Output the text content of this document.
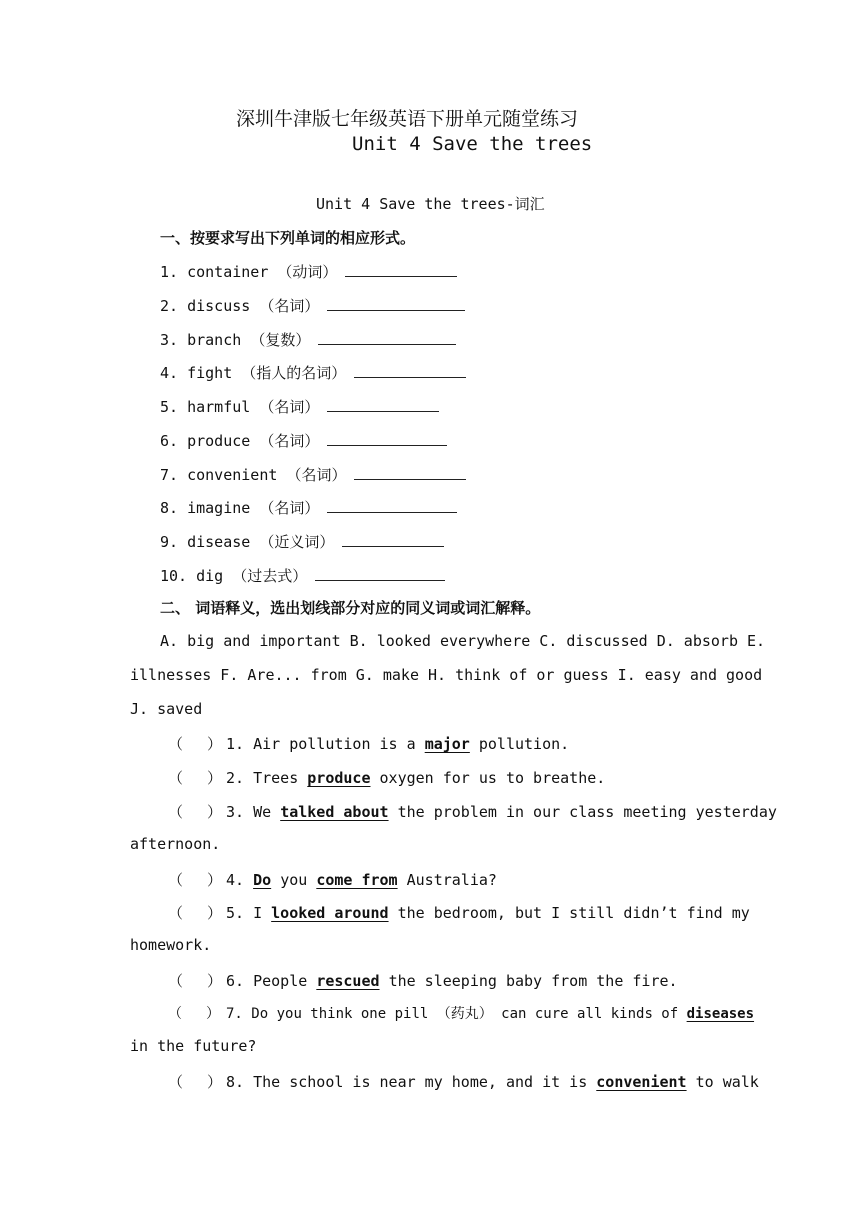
深圳牛津版七年级英语下册单元随堂练习
Unit 4 Save the trees
Unit 4 Save the trees-词汇
一、按要求写出下列单词的相应形式。
1. container （动词）
2. discuss （名词）
3. branch （复数）
4. fight （指人的名词）
5. harmful （名词）
6. produce （名词）
7. convenient （名词）
8. imagine （名词）
9. disease （近义词）
10. dig （过去式）
二、 词语释义，选出划线部分对应的同义词或词汇解释。
A. big and important B. looked everywhere C. discussed D. absorb E.
illnesses F. Are... from G. make H. think of or guess I. easy and good
J. saved
（ ） 1. Air pollution is a major pollution.
（ ） 2. Trees produce oxygen for us to breathe.
（ ） 3. We talked about the problem in our class meeting yesterday
afternoon.
（ ） 4. Do you come from Australia?
（ ） 5. I looked around the bedroom, but I still didn’t find my
homework.
（ ） 6. People rescued the sleeping baby from the fire.
（ ） 7. Do you think one pill （药丸） can cure all kinds of diseases
in the future?
（ ） 8. The school is near my home, and it is convenient to walk
